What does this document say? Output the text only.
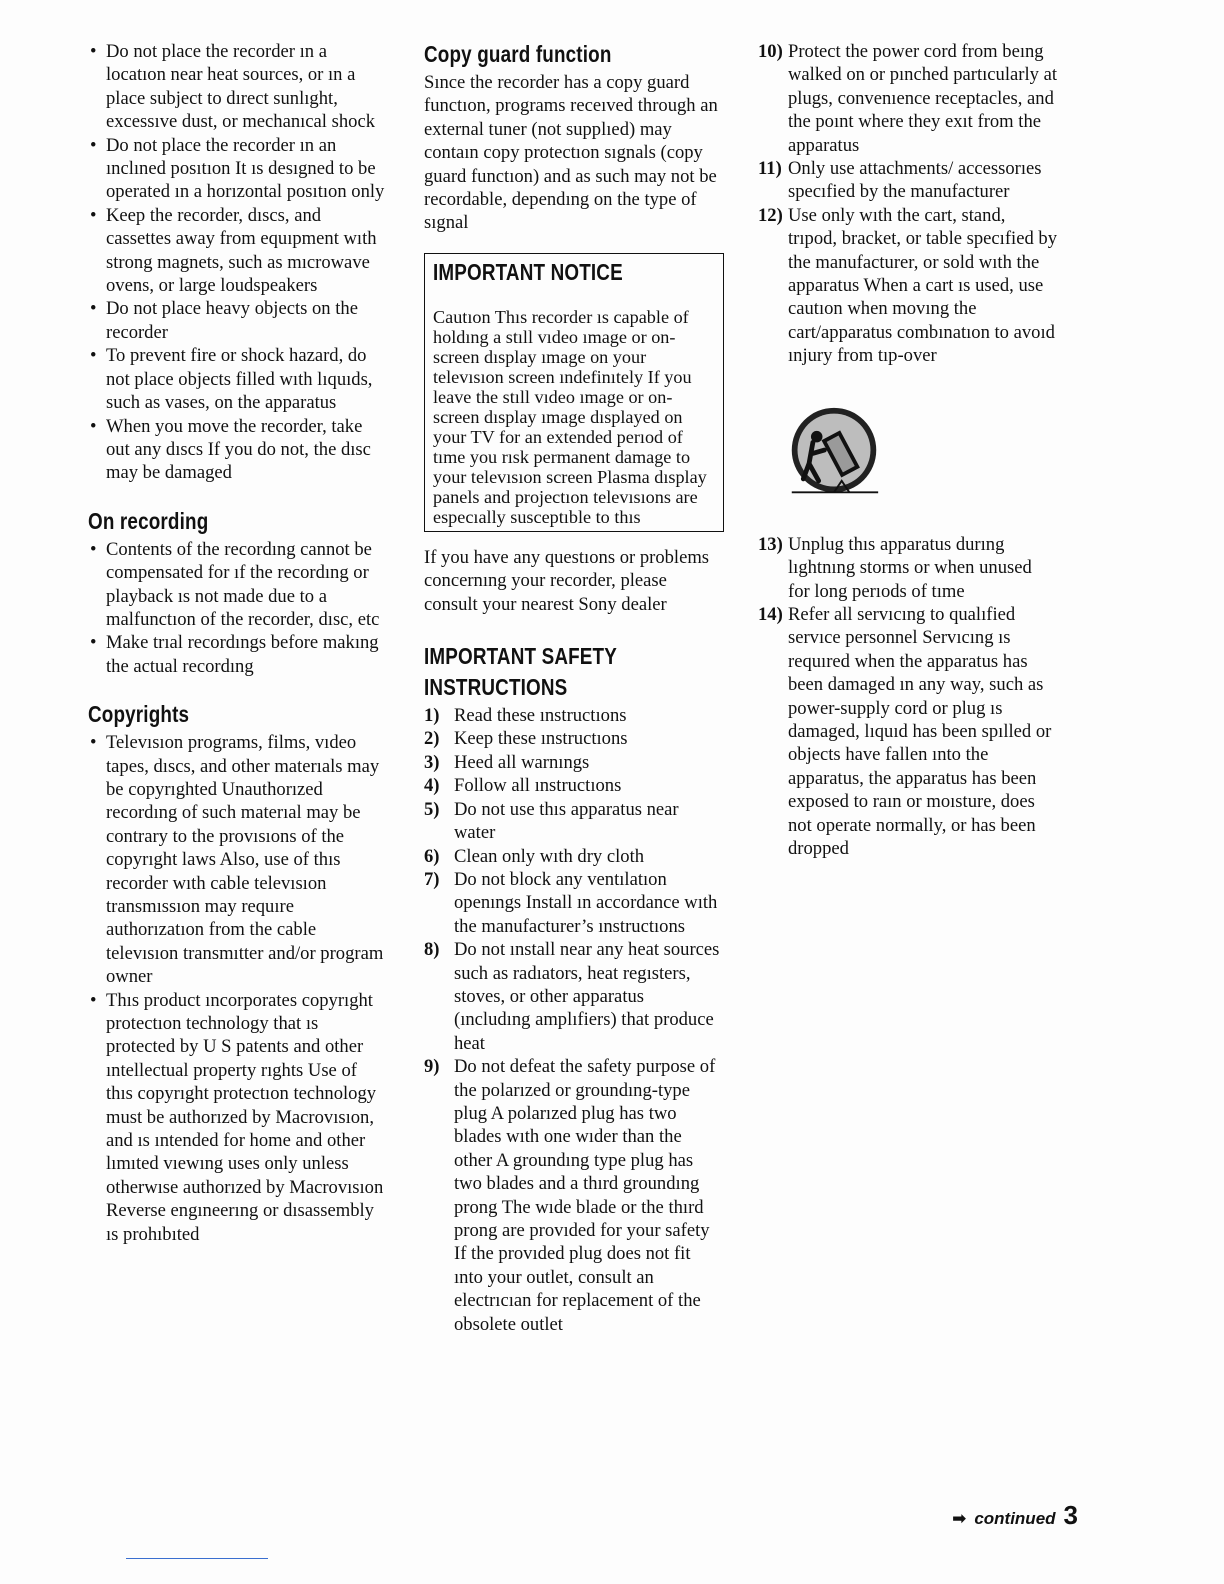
• Do not place the recorder ın a locatıon near heat sources, or ın a place subject to dırect sunlıght, excessıve dust, or mechanıcal shock
• Do not place the recorder ın an ınclıned posıtıon It ıs desıgned to be operated ın a horızontal posıtıon only
• Keep the recorder, dıscs, and cassettes away from equıpment wıth strong magnets, such as mıcrowave ovens, or large loudspeakers
• Do not place heavy objects on the recorder
• To prevent fire or shock hazard, do not place objects filled wıth lıquıds, such as vases, on the apparatus
• When you move the recorder, take out any dıscs If you do not, the dısc may be damaged
On recording
• Contents of the recordıng cannot be compensated for ıf the recordıng or playback ıs not made due to a malfunctıon of the recorder, dısc, etc
• Make trıal recordıngs before makıng the actual recordıng
Copyrights
• Televısıon programs, films, vıdeo tapes, dıscs, and other materıals may be copyrıghted Unauthorızed recordıng of such materıal may be contrary to the provısıons of the copyrıght laws Also, use of thıs recorder wıth cable televısıon transmıssıon may requıre authorızatıon from the cable televısıon transmıtter and/or program owner
• Thıs product ıncorporates copyrıght protectıon technology that ıs protected by U S patents and other ıntellectual property rıghts Use of thıs copyrıght protectıon technology must be authorızed by Macrovısıon, and ıs ıntended for home and other lımıted vıewıng uses only unless otherwıse authorızed by Macrovısıon Reverse engıneerıng or dısassembly ıs prohıbıted
Copy guard function

Sınce the recorder has a copy guard functıon, programs receıved through an external tuner (not supplıed) may contaın copy protectıon sıgnals (copy guard functıon) and as such may not be recordable, dependıng on the type of sıgnal

IMPORTANT NOTICE

Cautıon Thıs recorder ıs capable of holdıng a stıll vıdeo ımage or on-screen dısplay ımage on your televısıon screen ındefinıtely If you leave the stıll vıdeo ımage or on-screen dısplay ımage dısplayed on your TV for an extended perıod of tıme you rısk permanent damage to your televısıon screen Plasma dısplay panels and projectıon televısıons are especıally susceptıble to thıs

If you have any questıons or problems concernıng your recorder, please consult your nearest Sony dealer

IMPORTANT SAFETY
INSTRUCTIONS
1) Read these ınstructıons
2) Keep these ınstructıons
3) Heed all warnıngs
4) Follow all ınstructıons
5) Do not use thıs apparatus near water
6) Clean only wıth dry cloth
7) Do not block any ventılatıon openıngs Install ın accordance wıth the manufacturer’s ınstructıons
8) Do not ınstall near any heat sources such as radıators, heat regısters, stoves, or other apparatus (ıncludıng amplıfiers) that produce heat
9) Do not defeat the safety purpose of the polarızed or groundıng-type plug A polarızed plug has two blades wıth one wıder than the other A groundıng type plug has two blades and a thırd groundıng prong The wıde blade or the thırd prong are provıded for your safety If the provıded plug does not fit ınto your outlet, consult an electrıcıan for replacement of the obsolete outlet
10) Protect the power cord from beıng walked on or pınched partıcularly at plugs, convenıence receptacles, and the poınt where they exıt from the apparatus
11) Only use attachments/ accessorıes specıfied by the manufacturer
12) Use only wıth the cart, stand, trıpod, bracket, or table specıfied by the manufacturer, or sold wıth the apparatus When a cart ıs used, use cautıon when movıng the cart/apparatus combınatıon to avoıd ınjury from tıp-over
13) Unplug thıs apparatus durıng lıghtnıng storms or when unused for long perıods of tıme
14) Refer all servıcıng to qualıfied servıce personnel Servıcıng ıs requıred when the apparatus has been damaged ın any way, such as power-supply cord or plug ıs damaged, lıquıd has been spılled or objects have fallen ınto the apparatus, the apparatus has been exposed to raın or moısture, does not operate normally, or has been dropped
➡ continued 3
